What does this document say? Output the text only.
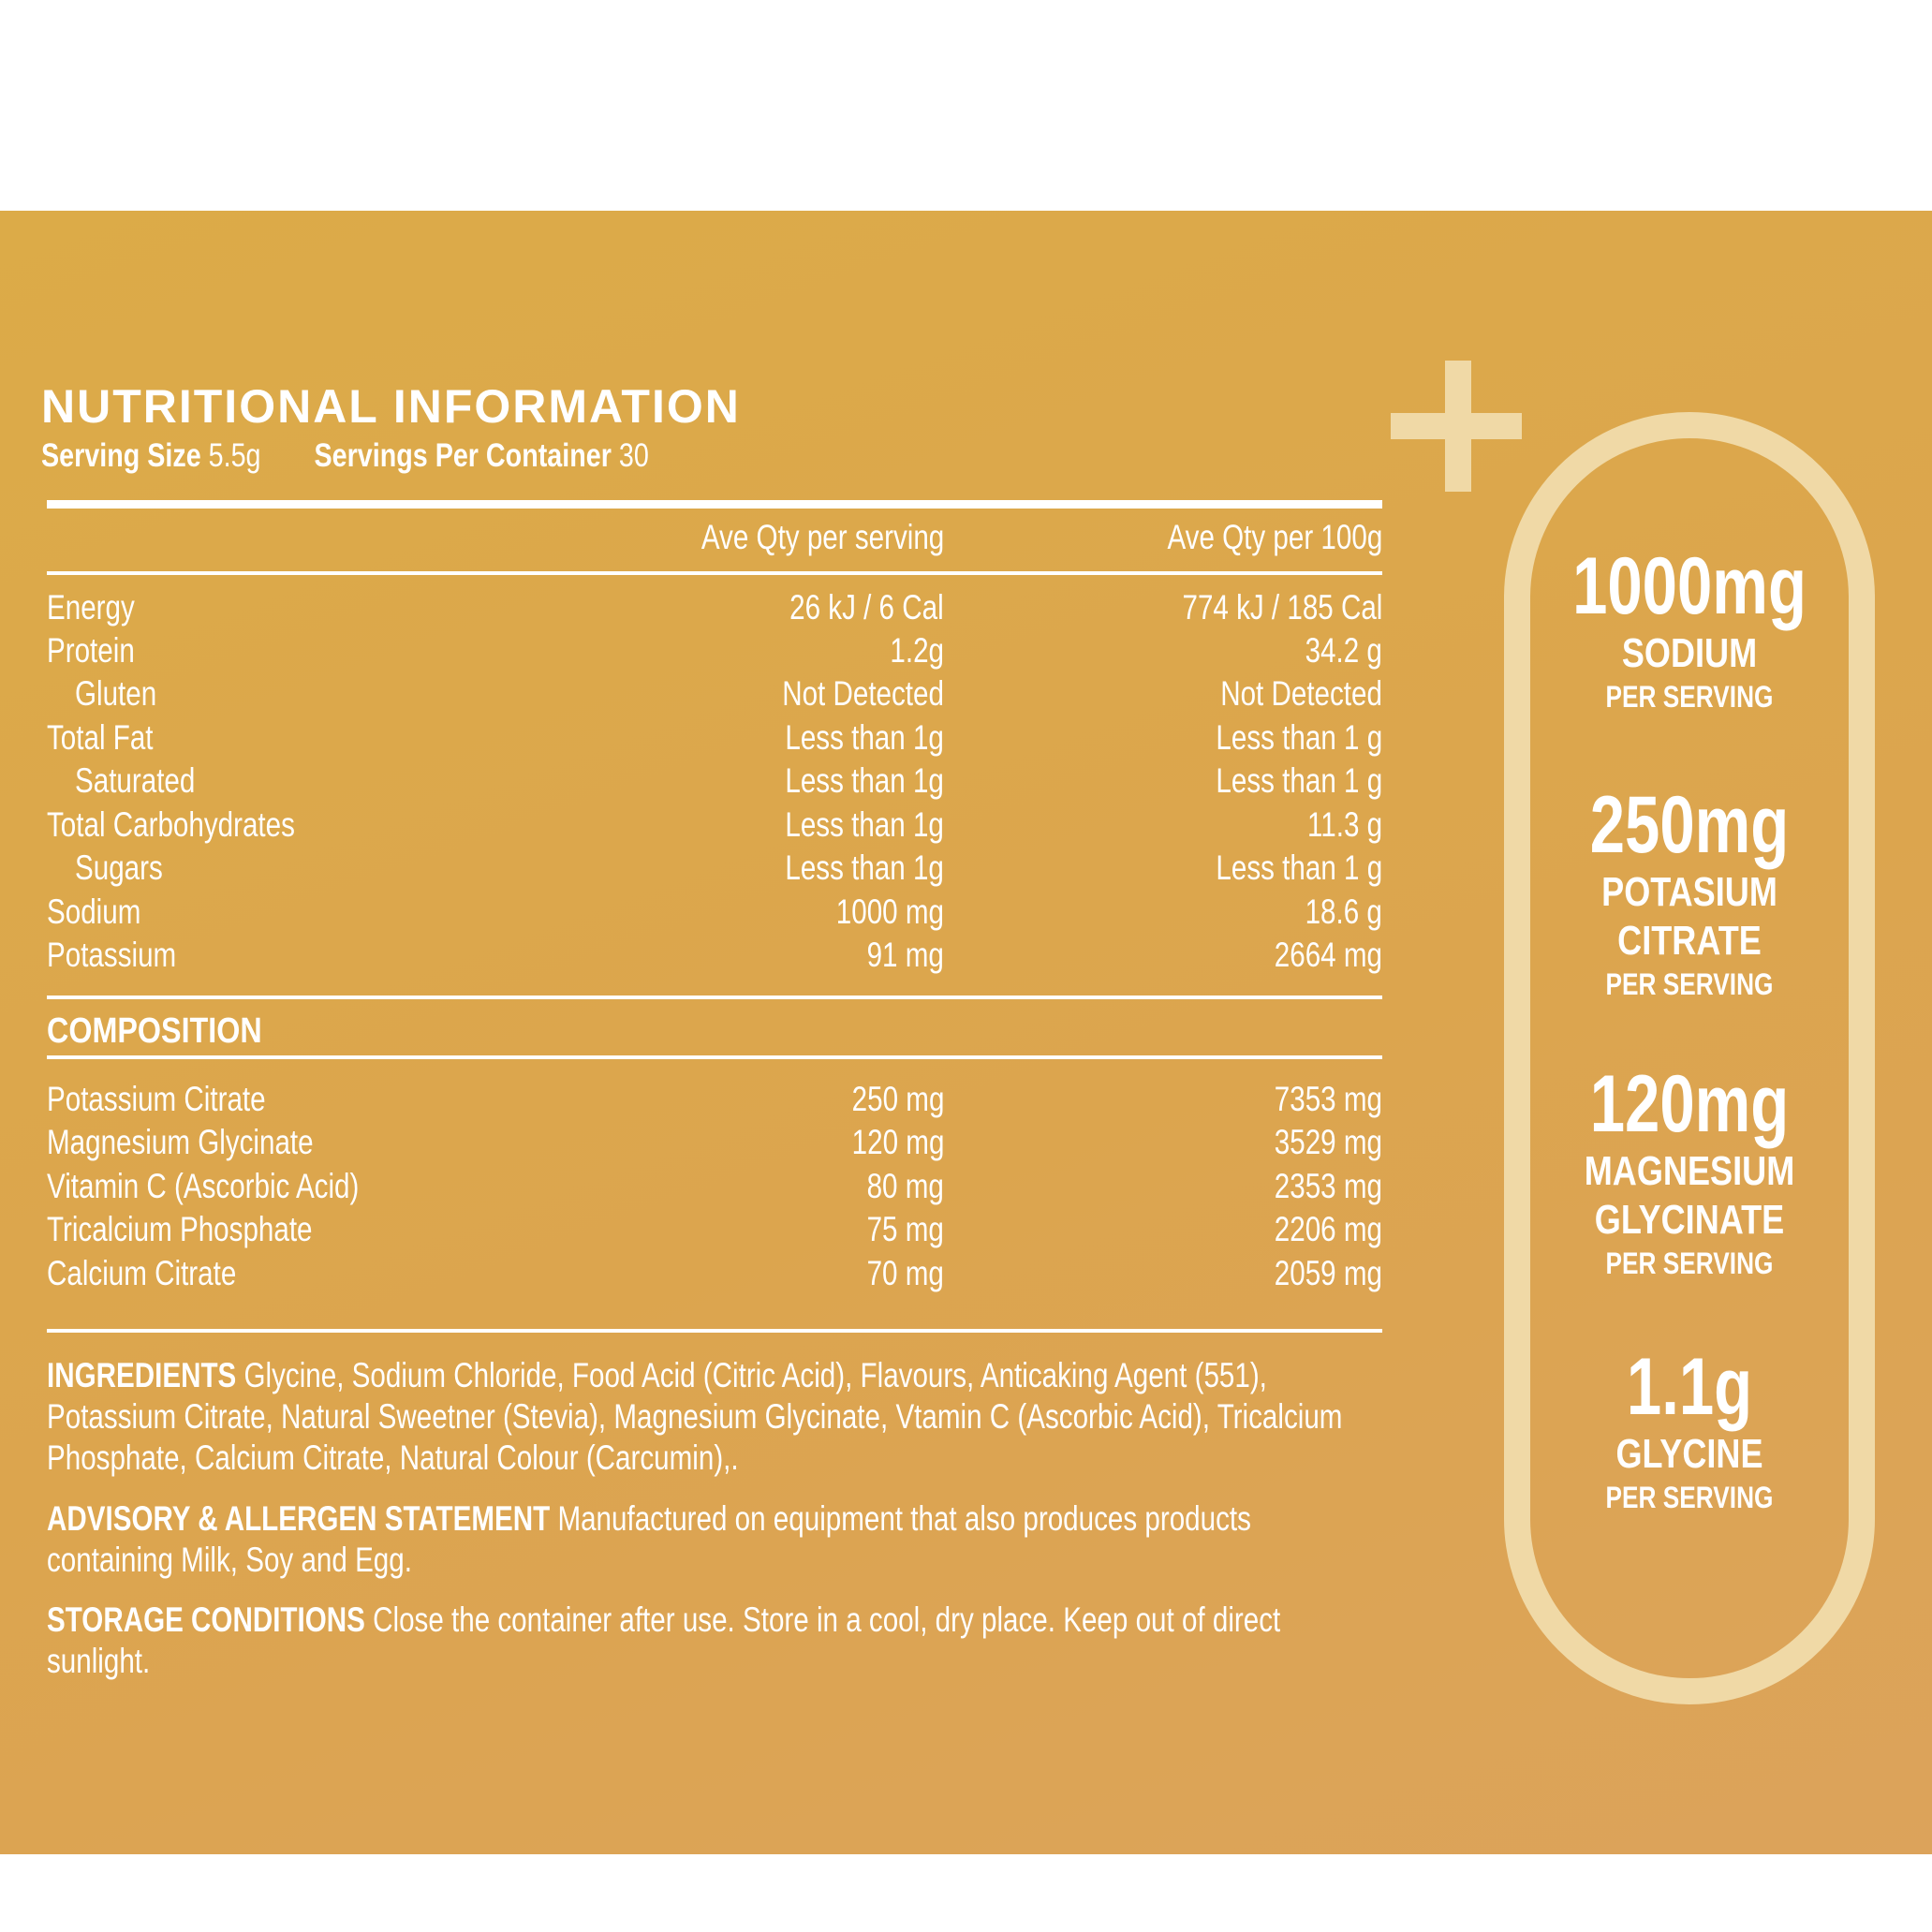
NUTRITIONAL INFORMATION
Serving Size 5.5g Servings Per Container 30
Ave Qty per serving	Ave Qty per 100g
Energy	26 kJ / 6 Cal	774 kJ / 185 Cal
Protein	1.2g	34.2 g
Gluten	Not Detected	Not Detected
Total Fat	Less than 1g	Less than 1 g
Saturated	Less than 1g	Less than 1 g
Total Carbohydrates	Less than 1g	11.3 g
Sugars	Less than 1g	Less than 1 g
Sodium	1000 mg	18.6 g
Potassium	91 mg	2664 mg
COMPOSITION
Potassium Citrate	250 mg	7353 mg
Magnesium Glycinate	120 mg	3529 mg
Vitamin C (Ascorbic Acid)	80 mg	2353 mg
Tricalcium Phosphate	75 mg	2206 mg
Calcium Citrate	70 mg	2059 mg
INGREDIENTS Glycine, Sodium Chloride, Food Acid (Citric Acid), Flavours, Anticaking Agent (551), Potassium Citrate, Natural Sweetner (Stevia), Magnesium Glycinate, Vtamin C (Ascorbic Acid), Tricalcium Phosphate, Calcium Citrate, Natural Colour (Carcumin),.
ADVISORY & ALLERGEN STATEMENT Manufactured on equipment that also produces products containing Milk, Soy and Egg.
STORAGE CONDITIONS Close the container after use. Store in a cool, dry place. Keep out of direct sunlight.
1000mg
SODIUM
PER SERVING
250mg
POTASIUM
CITRATE
PER SERVING
120mg
MAGNESIUM
GLYCINATE
PER SERVING
1.1g
GLYCINE
PER SERVING
